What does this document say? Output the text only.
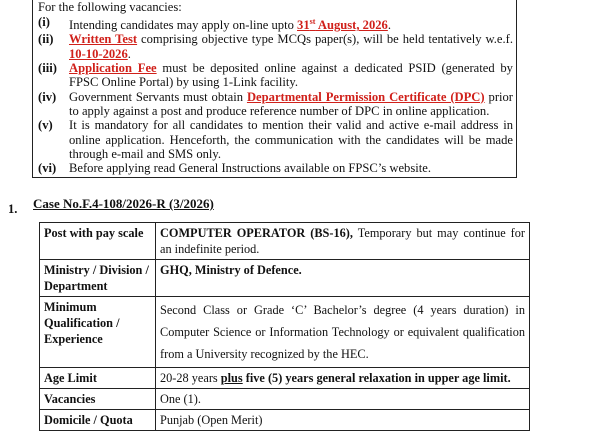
For the following vacancies:
(i)	Intending candidates may apply on-line upto 31st August, 2026.
(ii)	Written Test comprising objective type MCQs paper(s), will be held tentatively w.e.f. 10-10-2026.
(iii) Application Fee must be deposited online against a dedicated PSID (generated by FPSC Online Portal) by using 1-Link facility.
(iv)	Government Servants must obtain Departmental Permission Certificate (DPC) prior to apply against a post and produce reference number of DPC in online application.
(v)	It is mandatory for all candidates to mention their valid and active e-mail address in online application. Henceforth, the communication with the candidates will be made through e-mail and SMS only.
(vi)	Before applying read General Instructions available on FPSC’s website.
1. Case No.F.4-108/2026-R (3/2026)
Post with pay scale	COMPUTER OPERATOR (BS-16), Temporary but may continue for an indefinite period.
Ministry / Division / Department	GHQ, Ministry of Defence.
Minimum Qualification / Experience	Second Class or Grade ‘C’ Bachelor’s degree (4 years duration) in Computer Science or Information Technology or equivalent qualification from a University recognized by the HEC.
Age Limit	20-28 years plus five (5) years general relaxation in upper age limit.
Vacancies	One (1).
Domicile / Quota	Punjab (Open Merit)
